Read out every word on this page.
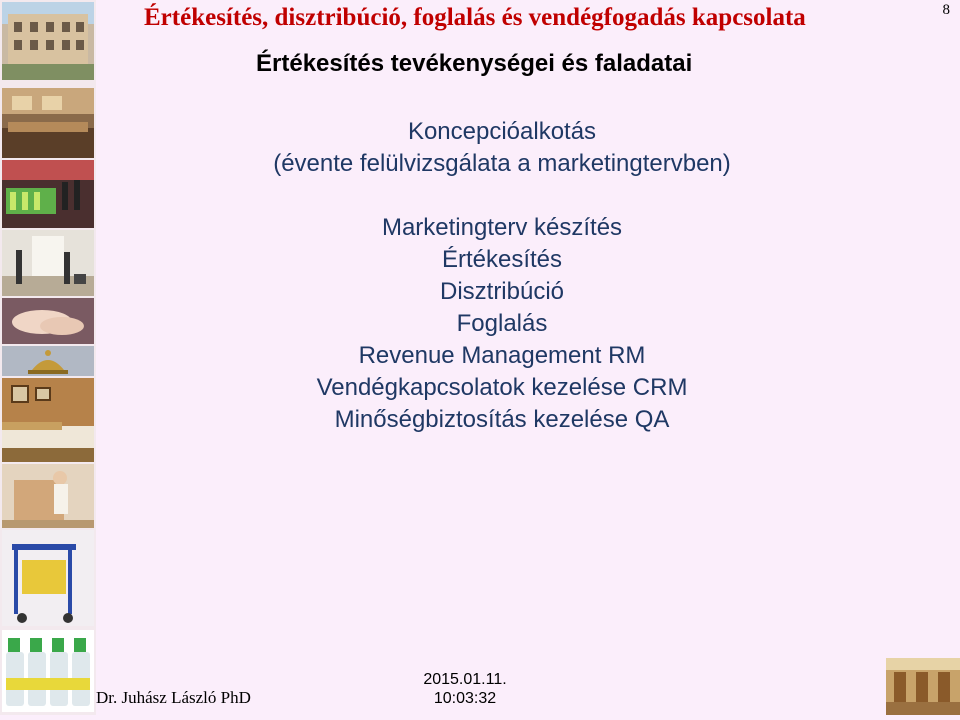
Értékesítés, disztribúció, foglalás és vendégfogadás kapcsolata	8
Értékesítés tevékenységei és faladatai
Koncepcióalkotás
(évente felülvizsgálata a marketingtervben)
Marketingterv készítés
Értékesítés
Disztribúció
Foglalás
Revenue Management RM
Vendégkapcsolatok kezelése CRM
Minőségbiztosítás kezelése QA
Dr. Juhász László PhD
2015.01.11.
10:03:32
